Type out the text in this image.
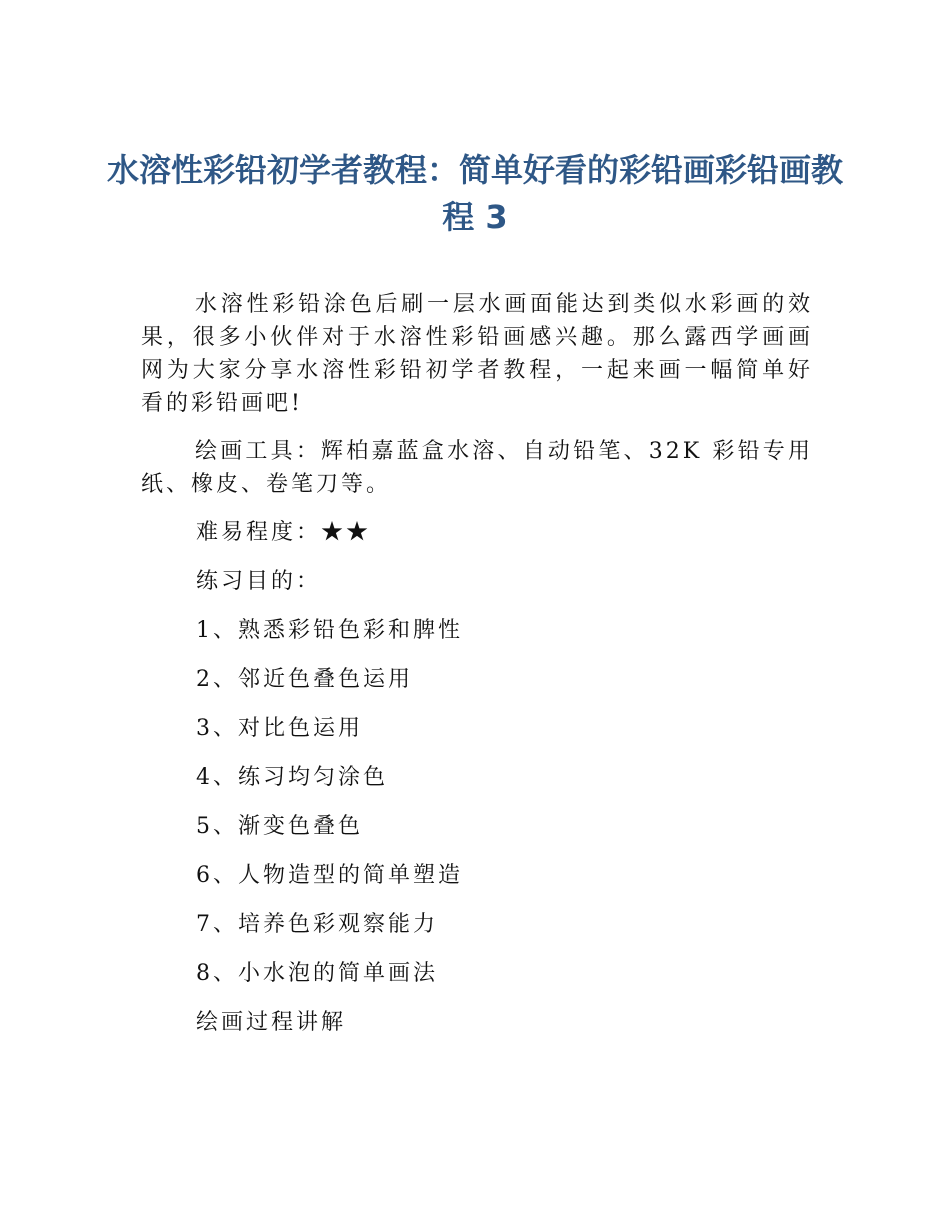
水溶性彩铅初学者教程：简单好看的彩铅画彩铅画教程 3

水溶性彩铅涂色后刷一层水画面能达到类似水彩画的效果，很多小伙伴对于水溶性彩铅画感兴趣。那么露西学画画网为大家分享水溶性彩铅初学者教程，一起来画一幅简单好看的彩铅画吧!

绘画工具：辉柏嘉蓝盒水溶、自动铅笔、32K 彩铅专用纸、橡皮、卷笔刀等。

难易程度：★★

练习目的：

1、熟悉彩铅色彩和脾性

2、邻近色叠色运用

3、对比色运用

4、练习均匀涂色

5、渐变色叠色

6、人物造型的简单塑造

7、培养色彩观察能力

8、小水泡的简单画法

绘画过程讲解
